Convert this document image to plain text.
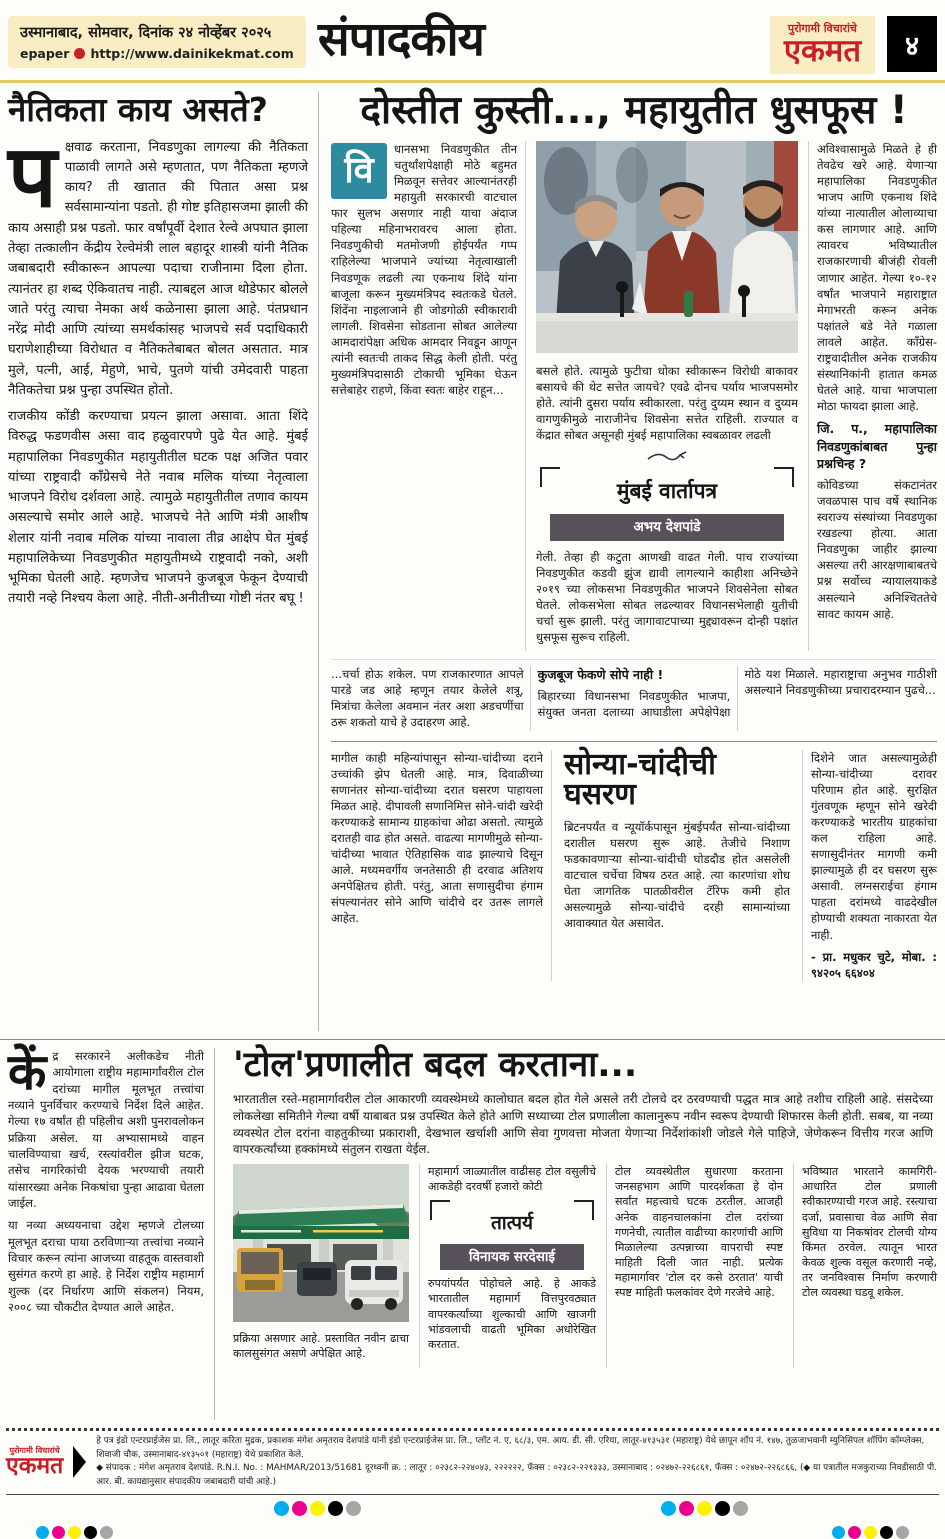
उस्मानाबाद, सोमवार, दिनांक २४ नोव्हेंबर २०२५
epaper http://www.dainikekmat.com संपादकीय	पुरोगामी विचारांचे
एकमत	४
नैतिकता काय असते?
प क्षवाढ करताना, निवडणुका लागल्या की नैतिकता पाळावी लागते असे म्हणतात, पण नैतिकता म्हणजे काय? ती खातात की पितात असा प्रश्न सर्वसामान्यांना पडतो. ही गोष्ट इतिहासजमा झाली की काय असाही प्रश्न पडतो. फार वर्षांपूर्वी देशात रेल्वे अपघात झाला तेव्हा तत्कालीन केंद्रीय रेल्वेमंत्री लाल बहादूर शास्त्री यांनी नैतिक जबाबदारी स्वीकारून आपल्या पदाचा राजीनामा दिला होता. त्यानंतर हा शब्द ऐकिवातच नाही. त्याबद्दल आज थोडेफार बोलले जाते परंतु त्याचा नेमका अर्थ कळेनासा झाला आहे. पंतप्रधान नरेंद्र मोदी आणि त्यांच्या समर्थकांसह भाजपचे सर्व पदाधिकारी घराणेशाहीच्या विरोधात व नैतिकतेबाबत बोलत असतात. मात्र मुले, पत्नी, आई, मेहुणे, भाचे, पुतणे यांची उमेदवारी पाहता नैतिकतेचा प्रश्न पुन्हा उपस्थित होतो.

राजकीय कोंडी करण्याचा प्रयत्न झाला असावा. आता शिंदे विरुद्ध फडणवीस असा वाद हळुवारपणे पुढे येत आहे. मुंबई महापालिका निवडणुकीत महायुतीतील घटक पक्ष अजित पवार यांच्या राष्ट्रवादी काँग्रेसचे नेते नवाब मलिक यांच्या नेतृत्वाला भाजपने विरोध दर्शवला आहे. त्यामुळे महायुतीतील तणाव कायम असल्याचे समोर आले आहे. भाजपचे नेते आणि मंत्री आशीष शेलार यांनी नवाब मलिक यांच्या नावाला तीव्र आक्षेप घेत मुंबई महापालिकेच्या निवडणुकीत महायुतीमध्ये राष्ट्रवादी नको, अशी भूमिका घेतली आहे. म्हणजेच भाजपने कुजबूज फेकून देण्याची तयारी नव्हे निश्चय केला आहे. नीती-अनीतीच्या गोष्टी नंतर बघू !

दोस्तीत कुस्ती..., महायुतीत धुसफूस !
वि

धानसभा निवडणुकीत तीन चतुर्थांशपेक्षाही मोठे बहुमत मिळवून सत्तेवर आल्यानंतरही महायुती सरकारची वाटचाल फार सुलभ असणार नाही याचा अंदाज पहिल्या महिनाभरावरच आला होता. निवडणुकीची मतमोजणी होईपर्यंत गप्प राहिलेल्या भाजपाने ज्यांच्या नेतृत्वाखाली निवडणूक लढली त्या एकनाथ शिंदे यांना बाजूला करून मुख्यमंत्रिपद स्वतःकडे घेतले. शिंदेंना नाइलाजाने ही जोडगोळी स्वीकारावी लागली. शिवसेना सोडताना सोबत आलेल्या आमदारांपेक्षा अधिक आमदार निवडून आणून त्यांनी स्वतःची ताकद सिद्ध केली होती. परंतु मुख्यमंत्रिपदासाठी टोकाची भूमिका घेऊन सत्तेबाहेर राहणे, किंवा स्वतः बाहेर राहून...

बसले होते. त्यामुळे फुटीचा धोका स्वीकारून विरोधी बाकावर बसायचे की थेट सत्तेत जायचे? एवढे दोनच पर्याय भाजपसमोर होते. त्यांनी दुसरा पर्याय स्वीकारला. परंतु दुय्यम स्थान व दुय्यम वागणुकीमुळे नाराजीनेच शिवसेना सत्तेत राहिली. राज्यात व केंद्रात सोबत असूनही मुंबई महापालिका स्वबळावर लढली

मुंबई वार्तापत्र
अभय देशपांडे

गेली. तेव्हा ही कटुता आणखी वाढत गेली. पाच राज्यांच्या निवडणुकीत कडवी झुंज द्यावी लागल्याने काहीशा अनिच्छेने २०१९ च्या लोकसभा निवडणुकीत भाजपने शिवसेनेला सोबत घेतले. लोकसभेला सोबत लढल्यावर विधानसभेलाही युतीची चर्चा सुरू झाली. परंतु जागावाटपाच्या मुद्द्यावरून दोन्ही पक्षांत धुसफूस सुरूच राहिली.

अविश्वासामुळे मिळते हे ही तेवढेच खरे आहे. येणाऱ्या महापालिका निवडणुकीत भाजप आणि एकनाथ शिंदे यांच्या नात्यातील ओलाव्याचा कस लागणार आहे. आणि त्यावरच भविष्यातील राजकारणाची बीजंही रोवली जाणार आहेत. गेल्या १०-१२ वर्षांत भाजपाने महाराष्ट्रात मेगाभरती करून अनेक पक्षांतले बडे नेते गळाला लावले आहेत. काँग्रेस-राष्ट्रवादीतील अनेक राजकीय संस्थानिकांनी हातात कमळ घेतले आहे. याचा भाजपाला मोठा फायदा झाला आहे.

जि. प., महापालिका निवडणुकांबाबत पुन्हा प्रश्नचिन्ह ?

कोविडच्या संकटानंतर जवळपास पाच वर्षे स्थानिक स्वराज्य संस्थांच्या निवडणुका रखडल्या होत्या. आता निवडणुका जाहीर झाल्या असल्या तरी आरक्षणाबाबतचे प्रश्न सर्वोच्च न्यायालयाकडे असल्याने अनिश्चिततेचे सावट कायम आहे.

...चर्चा होऊ शकेल. पण राजकारणात आपले पारडे जड आहे म्हणून तयार केलेले शत्रू, मित्रांचा केलेला अवमान नंतर अशा अडचणींचा ठरू शकतो याचे हे उदाहरण आहे.

कुजबूज फेकणे सोपे नाही !

बिहारच्या विधानसभा निवडणुकीत भाजपा, संयुक्त जनता दलाच्या आघाडीला अपेक्षेपेक्षा मोठे यश मिळाले. महाराष्ट्राचा अनुभव गाठीशी असल्याने निवडणुकीच्या प्रचारादरम्यान पुढचे...

मागील काही महिन्यांपासून सोन्या-चांदीच्या दराने उच्चांकी झेप घेतली आहे. मात्र, दिवाळीच्या सणानंतर सोन्या-चांदीच्या दरात घसरण पाहायला मिळत आहे. दीपावली सणानिमित्त सोने-चांदी खरेदी करण्याकडे सामान्य ग्राहकांचा ओढा असतो. त्यामुळे दरातही वाढ होत असते. वाढत्या मागणीमुळे सोन्या-चांदीच्या भावात ऐतिहासिक वाढ झाल्याचे दिसून आले. मध्यमवर्गीय जनतेसाठी ही दरवाढ अतिशय अनपेक्षितच होती. परंतु, आता सणासुदीचा हंगाम संपल्यानंतर सोने आणि चांदीचे दर उतरू लागले आहेत.

सोन्या-चांदीची घसरण

ब्रिटनपर्यंत व न्यूयॉर्कपासून मुंबईपर्यंत सोन्या-चांदीच्या दरातील घसरण सुरू आहे. तेजीचे निशाण फडकावणाऱ्या सोन्या-चांदीची घोडदौड होत असलेली वाटचाल चर्चेचा विषय ठरत आहे. त्या कारणांचा शोध घेता जागतिक पातळीवरील टॅरिफ कमी होत असल्यामुळे सोन्या-चांदीचे दरही सामान्यांच्या आवाक्यात येत असावेत.

दिशेने जात असल्यामुळेही सोन्या-चांदीच्या दरावर परिणाम होत आहे. सुरक्षित गुंतवणूक म्हणून सोने खरेदी करण्याकडे भारतीय ग्राहकांचा कल राहिला आहे. सणासुदीनंतर मागणी कमी झाल्यामुळे ही दर घसरण सुरू असावी. लग्नसराईचा हंगाम पाहता दरांमध्ये वाढदेखील होण्याची शक्यता नाकारता येत नाही.

- प्रा. मधुकर चुटे, मोबा. : ९४२०५ ६६४०४
कें द्र सरकारने अलीकडेच नीती आयोगाला राष्ट्रीय महामार्गांवरील टोल दरांच्या मागील मूलभूत तत्त्वांचा नव्याने पुनर्विचार करण्याचे निर्देश दिले आहेत. गेल्या १७ वर्षांत ही पहिलीच अशी पुनरावलोकन प्रक्रिया असेल. या अभ्यासामध्ये वाहन चालविण्याचा खर्च, रस्त्यांवरील झीज घटक, तसेच नागरिकांची देयक भरण्याची तयारी यांसारख्या अनेक निकषांचा पुन्हा आढावा घेतला जाईल.

या नव्या अध्ययनाचा उद्देश म्हणजे टोलच्या मूलभूत दराचा पाया ठरविणाऱ्या तत्त्वांचा नव्याने विचार करून त्यांना आजच्या वाहतूक वास्तवाशी सुसंगत करणे हा आहे. हे निर्देश राष्ट्रीय महामार्ग शुल्क (दर निर्धारण आणि संकलन) नियम, २००८ च्या चौकटीत देण्यात आले आहेत.

'टोल'प्रणालीत बदल करताना...

भारतातील रस्ते-महामार्गावरील टोल आकारणी व्यवस्थेमध्ये कालोघात बदल होत गेले असले तरी टोलचे दर ठरवण्याची पद्धत मात्र आहे तशीच राहिली आहे. संसदेच्या लोकलेखा समितीने गेल्या वर्षी याबाबत प्रश्न उपस्थित केले होते आणि सध्याच्या टोल प्रणालीला कालानुरूप नवीन स्वरूप देण्याची शिफारस केली होती. सबब, या नव्या व्यवस्थेत टोल दरांना वाहतुकीच्या प्रकाराशी, देखभाल खर्चाशी आणि सेवा गुणवत्ता मोजता येणाऱ्या निर्देशांकांशी जोडले गेले पाहिजे, जेणेकरून वित्तीय गरज आणि वापरकर्त्यांच्या हक्कांमध्ये संतुलन राखता येईल.

प्रक्रिया असणार आहे. प्रस्तावित नवीन ढाचा कालसुसंगत असणे अपेक्षित आहे.

महामार्ग जाळ्यातील वाढीसह टोल वसुलीचे आकडेही दरवर्षी हजारो कोटी

तात्पर्य
विनायक सरदेसाई

रुपयांपर्यंत पोहोचले आहे. हे आकडे भारतातील महामार्ग वित्तपुरवठ्यात वापरकर्त्यांच्या शुल्काची आणि खाजगी भांडवलाची वाढती भूमिका अधोरेखित करतात.

टोल व्यवस्थेतील सुधारणा करताना जनसहभाग आणि पारदर्शकता हे दोन सर्वांत महत्त्वाचे घटक ठरतील. आजही अनेक वाहनचालकांना टोल दरांच्या गणनेची, त्यातील वाढीच्या कारणांची आणि मिळालेल्या उत्पन्नाच्या वापराची स्पष्ट माहिती दिली जात नाही. प्रत्येक महामार्गावर 'टोल दर कसे ठरतात' याची स्पष्ट माहिती फलकांवर देणे गरजेचे आहे.

भविष्यात भारताने कामगिरी-आधारित टोल प्रणाली स्वीकारण्याची गरज आहे. रस्त्याचा दर्जा, प्रवासाचा वेळ आणि सेवा सुविधा या निकषांवर टोलची योग्य किंमत ठरवेल. त्यातून भारत केवळ शुल्क वसूल करणारी नव्हे, तर जनविश्वास निर्माण करणारी टोल व्यवस्था घडवू शकेल.

पुरोगामी विचारांचे
एकमत
हे पत्र इंडो एन्टरप्राईजेस प्रा. लि., लातूर करिता मुद्रक, प्रकाशक मंगेश अमृतराव देशपांडे यांनी इंडो एन्टरप्राईजेस प्रा. लि., प्लॉट नं. ए, ६८/३, एम. आय. डी. सी. एरिया, लातूर-४१३५३१ (महाराष्ट्र) येथे छापून शॉप नं. १४७, तुळजाभवानी म्युनिसिपल शॉपिंग कॉम्प्लेक्स, शिवाजी चौक, उस्मानाबाद-४१३५०१ (महाराष्ट्र) येथे प्रकाशित केले.
◆ संपादक : मंगेश अमृतराव देशपांडे. R.N.I. No. : MAHMAR/2013/51681 दूरध्वनी क्र. : लातूर : ०२३८२-२२४०४३, २२२२२२, फॅक्स : ०२३८२-२२१३३३, उस्मानाबाद : ०२४७२-२२६८६१, फॅक्स : ०२४७२-२२६८६६, (◆ या पत्रातील मजकुराच्या निवडीसाठी पी. आर. बी. कायद्यानुसार संपादकीय जबाबदारी यांची आहे.)
